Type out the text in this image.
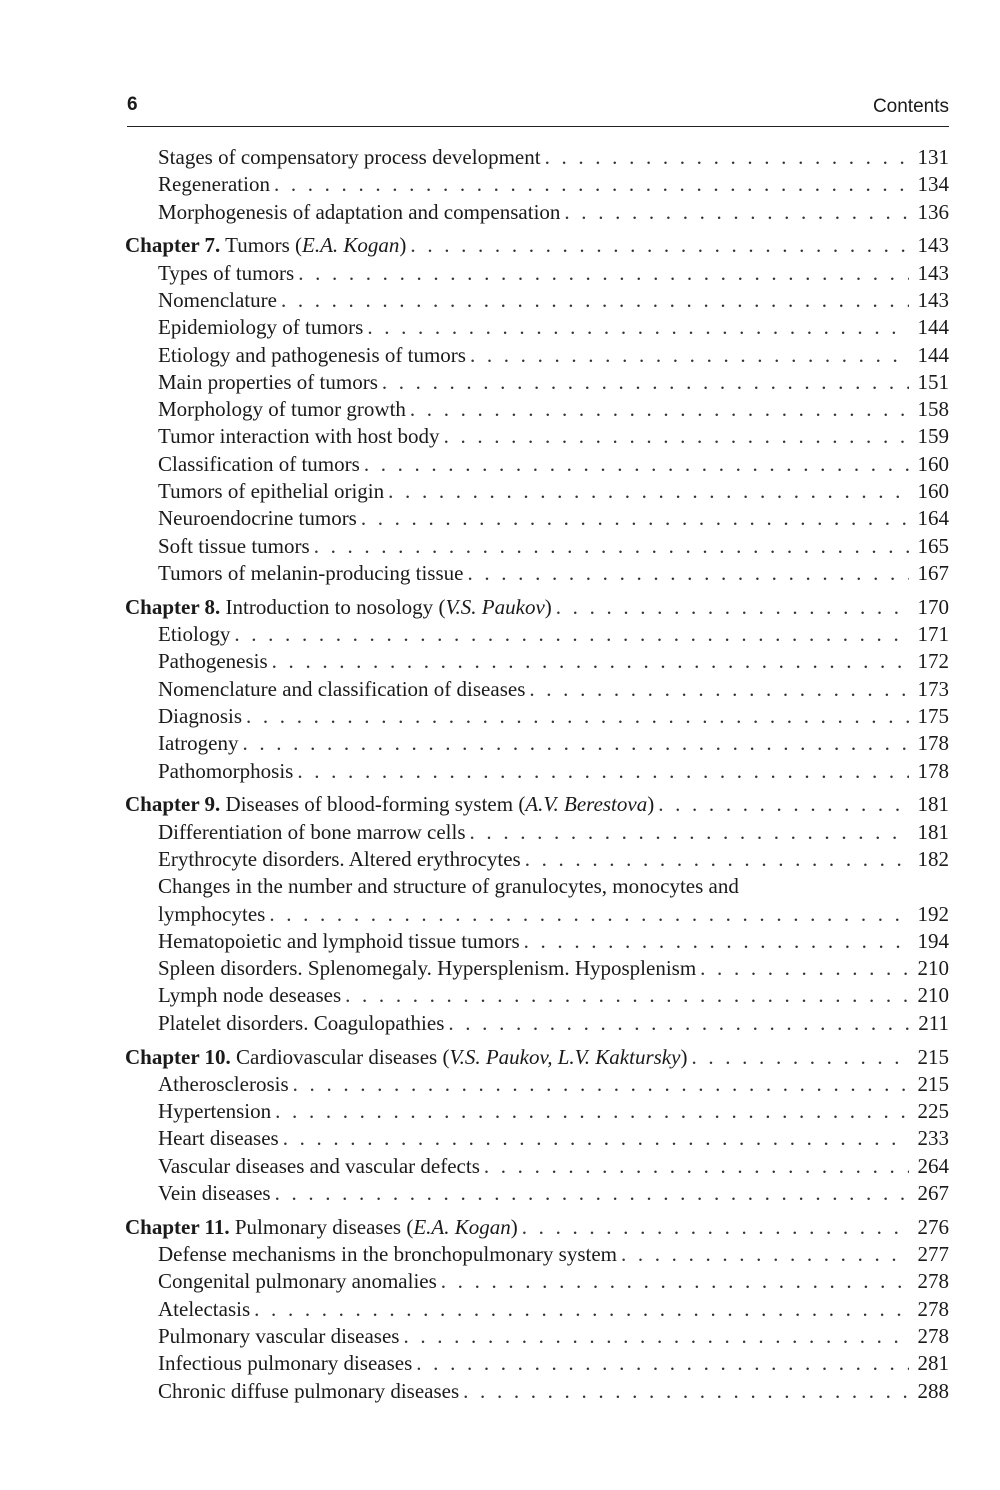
6	Contents
Stages of compensatory process development . . .	131
Regeneration . . .	134
Morphogenesis of adaptation and compensation . . .	136
Chapter 7. Tumors (E.A. Kogan) . . .	143
Types of tumors . . .	143
Nomenclature . . .	143
Epidemiology of tumors . . .	144
Etiology and pathogenesis of tumors . . .	144
Main properties of tumors . . .	151
Morphology of tumor growth . . .	158
Tumor interaction with host body . . .	159
Classification of tumors . . .	160
Tumors of epithelial origin . . .	160
Neuroendocrine tumors . . .	164
Soft tissue tumors . . .	165
Tumors of melanin-producing tissue . . .	167
Chapter 8. Introduction to nosology (V.S. Paukov) . . .	170
Etiology . . .	171
Pathogenesis . . .	172
Nomenclature and classification of diseases . . .	173
Diagnosis . . .	175
Iatrogeny . . .	178
Pathomorphosis . . .	178
Chapter 9. Diseases of blood-forming system (A.V. Berestova) . . .	181
Differentiation of bone marrow cells . . .	181
Erythrocyte disorders. Altered erythrocytes . . .	182
Changes in the number and structure of granulocytes, monocytes and
lymphocytes . . .	192
Hematopoietic and lymphoid tissue tumors . . .	194
Spleen disorders. Splenomegaly. Hypersplenism. Hyposplenism . . .	210
Lymph node deseases . . .	210
Platelet disorders. Coagulopathies . . .	211
Chapter 10. Cardiovascular diseases (V.S. Paukov, L.V. Kaktursky) . . .	215
Atherosclerosis . . .	215
Hypertension . . .	225
Heart diseases . . .	233
Vascular diseases and vascular defects . . .	264
Vein diseases . . .	267
Chapter 11. Pulmonary diseases (E.A. Kogan) . . .	276
Defense mechanisms in the bronchopulmonary system . . .	277
Congenital pulmonary anomalies . . .	278
Atelectasis . . .	278
Pulmonary vascular diseases . . .	278
Infectious pulmonary diseases . . .	281
Chronic diffuse pulmonary diseases . . .	288
